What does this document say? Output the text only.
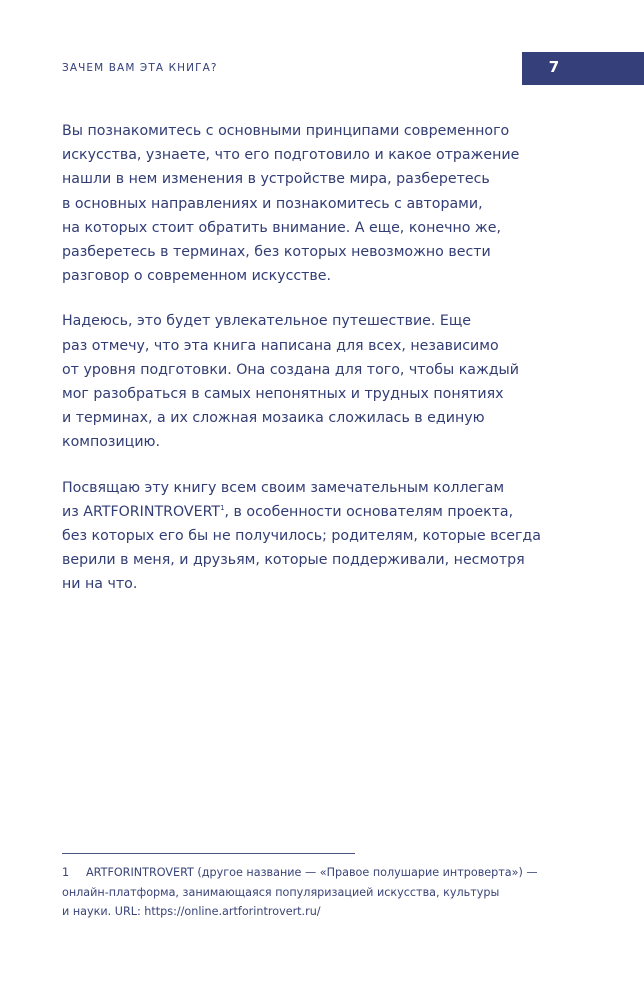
ЗАЧЕМ ВАМ ЭТА КНИГА?	7

Вы познакомитесь с основными принципами современного
искусства, узнаете, что его подготовило и какое отражение
нашли в нем изменения в устройстве мира, разберетесь
в основных направлениях и познакомитесь с авторами,
на которых стоит обратить внимание. А еще, конечно же,
разберетесь в терминах, без которых невозможно вести
разговор о современном искусстве.

Надеюсь, это будет увлекательное путешествие. Еще
раз отмечу, что эта книга написана для всех, независимо
от уровня подготовки. Она создана для того, чтобы каждый
мог разобраться в самых непонятных и трудных понятиях
и терминах, а их сложная мозаика сложилась в единую
композицию.

Посвящаю эту книгу всем своим замечательным коллегам
из ARTFORINTROVERT$^1$, в особенности основателям проекта,
без которых его бы не получилось; родителям, которые всегда
верили в меня, и друзьям, которые поддерживали, несмотря
ни на что.

1 ARTFORINTROVERT (другое название — «Правое полушарие интроверта») —
онлайн-платформа, занимающаяся популяризацией искусства, культуры
и науки. URL: https://online.artforintrovert.ru/
